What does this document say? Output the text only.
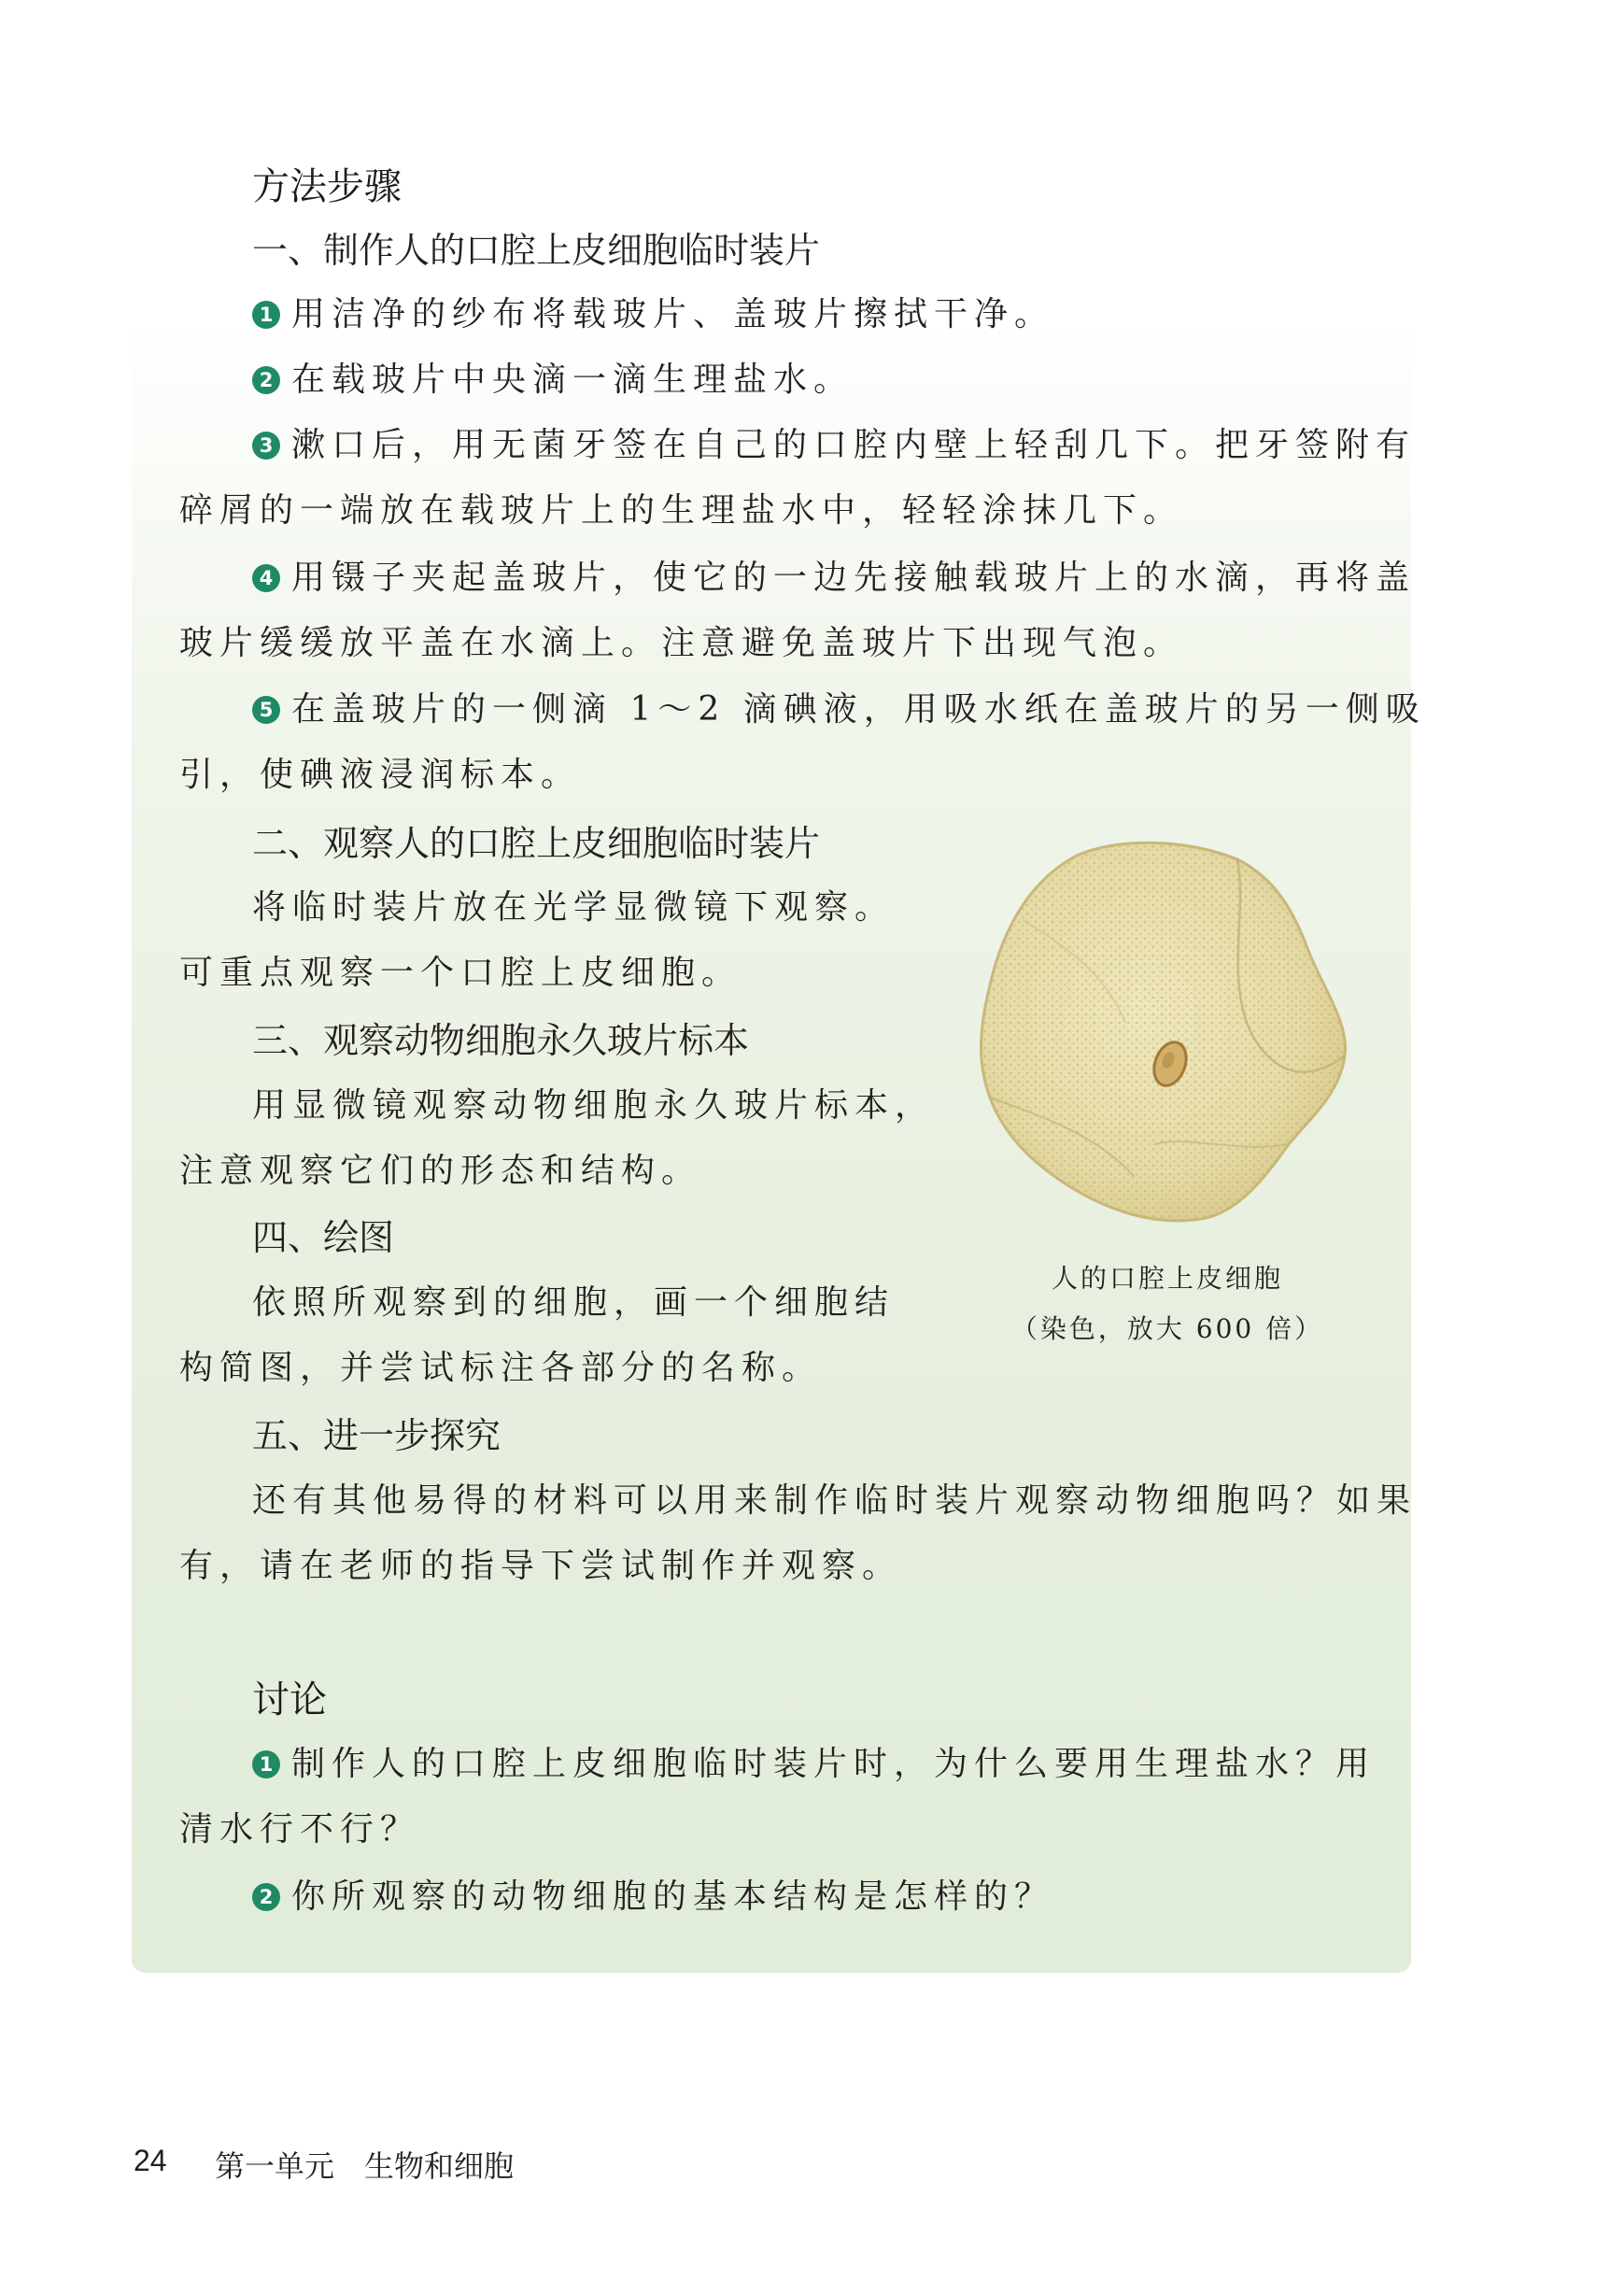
方法步骤
一、制作人的口腔上皮细胞临时装片
1 用洁净的纱布将载玻片、盖玻片擦拭干净。
2 在载玻片中央滴一滴生理盐水。
3 漱口后，用无菌牙签在自己的口腔内壁上轻刮几下。把牙签附有
碎屑的一端放在载玻片上的生理盐水中，轻轻涂抹几下。
4 用镊子夹起盖玻片，使它的一边先接触载玻片上的水滴，再将盖
玻片缓缓放平盖在水滴上。注意避免盖玻片下出现气泡。
5 在盖玻片的一侧滴 1～2 滴碘液，用吸水纸在盖玻片的另一侧吸
引，使碘液浸润标本。
二、观察人的口腔上皮细胞临时装片
将临时装片放在光学显微镜下观察。
可重点观察一个口腔上皮细胞。
三、观察动物细胞永久玻片标本
用显微镜观察动物细胞永久玻片标本，
注意观察它们的形态和结构。
四、绘图
依照所观察到的细胞，画一个细胞结
构简图，并尝试标注各部分的名称。
五、进一步探究
还有其他易得的材料可以用来制作临时装片观察动物细胞吗？如果
有，请在老师的指导下尝试制作并观察。
人的口腔上皮细胞
（染色，放大 600 倍）
讨论
1 制作人的口腔上皮细胞临时装片时，为什么要用生理盐水？用
清水行不行？
2 你所观察的动物细胞的基本结构是怎样的？
24 第一单元　生物和细胞
